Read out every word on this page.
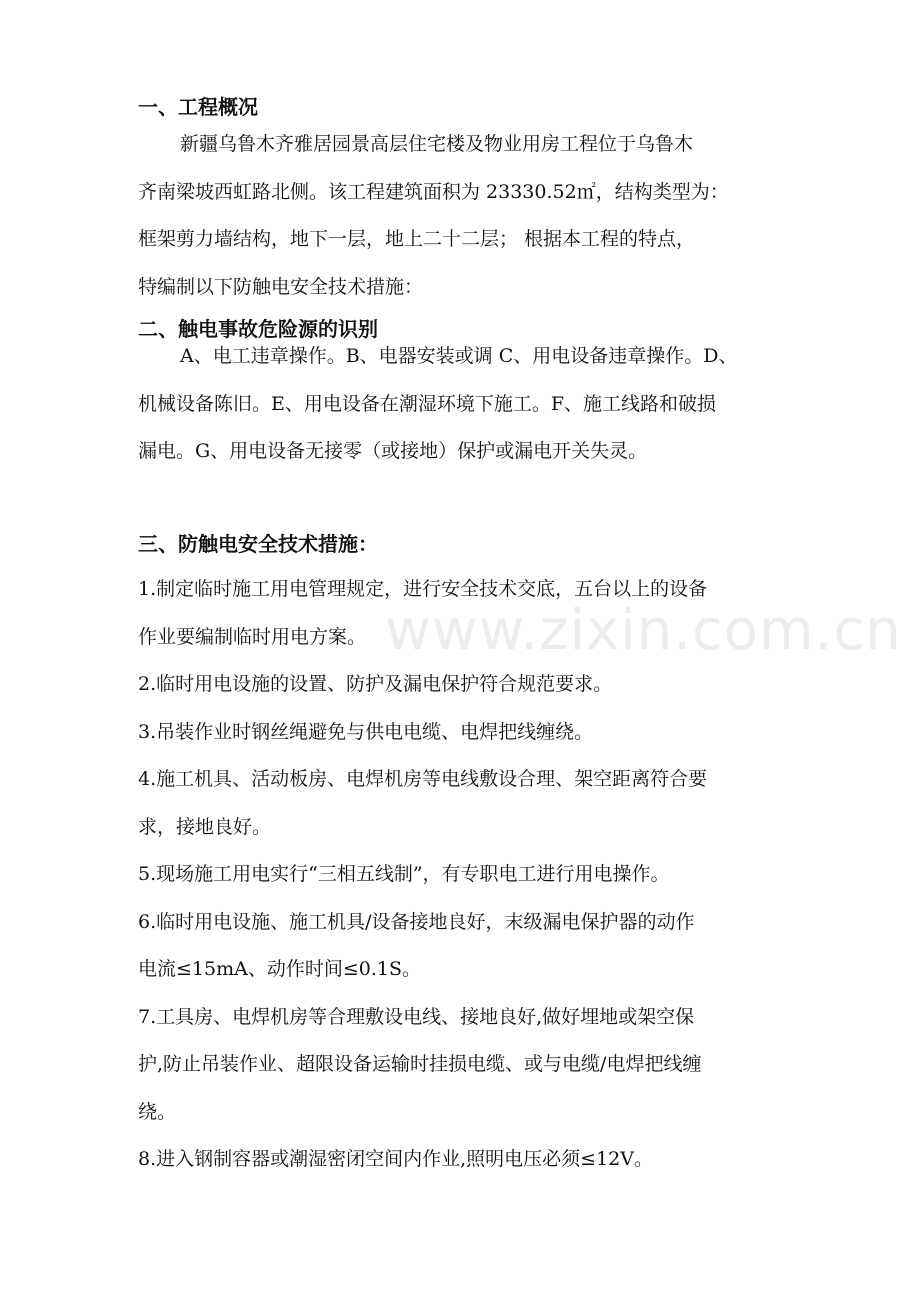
一、工程概况
新疆乌鲁木齐雅居园景高层住宅楼及物业用房工程位于乌鲁木
齐南梁坡西虹路北侧。该工程建筑面积为 23330.52㎡，结构类型为：
框架剪力墙结构，地下一层，地上二十二层； 根据本工程的特点，
特编制以下防触电安全技术措施：
二、触电事故危险源的识别
A、电工违章操作。B、电器安装或调 C、用电设备违章操作。D、
机械设备陈旧。E、用电设备在潮湿环境下施工。F、施工线路和破损
漏电。G、用电设备无接零（或接地）保护或漏电开关失灵。
三、防触电安全技术措施：
1.制定临时施工用电管理规定，进行安全技术交底，五台以上的设备
作业要编制临时用电方案。
2.临时用电设施的设置、防护及漏电保护符合规范要求。
3.吊装作业时钢丝绳避免与供电电缆、电焊把线缠绕。
4.施工机具、活动板房、电焊机房等电线敷设合理、架空距离符合要
求，接地良好。
5.现场施工用电实行“三相五线制”，有专职电工进行用电操作。
6.临时用电设施、施工机具/设备接地良好，末级漏电保护器的动作
电流≤15mA、动作时间≤0.1S。
7.工具房、电焊机房等合理敷设电线、接地良好,做好埋地或架空保
护,防止吊装作业、超限设备运输时挂损电缆、或与电缆/电焊把线缠
绕。
8.进入钢制容器或潮湿密闭空间内作业,照明电压必须≤12V。
www.zixin.com.cn
